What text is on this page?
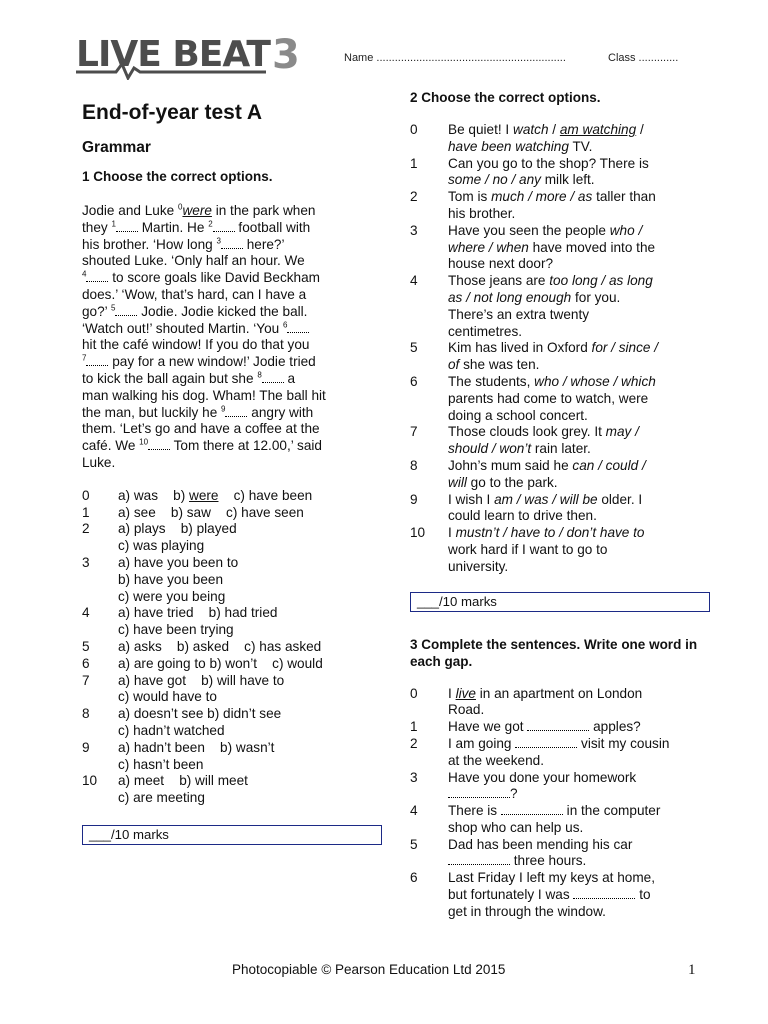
LIVE BEAT 3	Name ..............................................................	Class .............
End-of-year test A
Grammar
1 Choose the correct options.
Jodie and Luke $^0$were in the park when
they $^1$ Martin. He $^2$ football with
his brother. ‘How long $^3$ here?’
shouted Luke. ‘Only half an hour. We
$^4$ to score goals like David Beckham
does.’ ‘Wow, that’s hard, can I have a
go?’ $^5$ Jodie. Jodie kicked the ball.
‘Watch out!’ shouted Martin. ‘You $^6$
hit the café window! If you do that you
$^7$ pay for a new window!’ Jodie tried
to kick the ball again but she $^8$ a
man walking his dog. Wham! The ball hit
the man, but luckily he $^9$ angry with
them. ‘Let’s go and have a coffee at the
café. We $^{10}$ Tom there at 12.00,’ said
Luke.
0	a) was    b) were    c) have been
1	a) see    b) saw    c) have seen
2	a) plays    b) played
c) was playing
3	a) have you been to
b) have you been
c) were you being
4	a) have tried    b) had tried
c) have been trying
5	a) asks    b) asked    c) has asked
6	a) are going to b) won’t    c) would
7	a) have got    b) will have to
c) would have to
8	a) doesn’t see b) didn’t see
c) hadn’t watched
9	a) hadn’t been    b) wasn’t
c) hasn’t been
10	a) meet    b) will meet
c) are meeting
___/10 marks
2 Choose the correct options.
0	Be quiet! I watch / am watching /
have been watching TV.
1	Can you go to the shop? There is
some / no / any milk left.
2	Tom is much / more / as taller than
his brother.
3	Have you seen the people who /
where / when have moved into the
house next door?
4	Those jeans are too long / as long
as / not long enough for you.
There’s an extra twenty
centimetres.
5	Kim has lived in Oxford for / since /
of she was ten.
6	The students, who / whose / which
parents had come to watch, were
doing a school concert.
7	Those clouds look grey. It may /
should / won’t rain later.
8	John’s mum said he can / could /
will go to the park.
9	I wish I am / was / will be older. I
could learn to drive then.
10	I mustn’t / have to / don’t have to
work hard if I want to go to
university.
___/10 marks
3 Complete the sentences. Write one word in each gap.
0	I live in an apartment on London
Road.
1	Have we got	apples?
2	I am going	visit my cousin
at the weekend.
3	Have you done your homework
?
4	There is	in the computer
shop who can help us.
5	Dad has been mending his car
three hours.
6	Last Friday I left my keys at home,
but fortunately I was	to
get in through the window.
Photocopiable © Pearson Education Ltd 2015	1
